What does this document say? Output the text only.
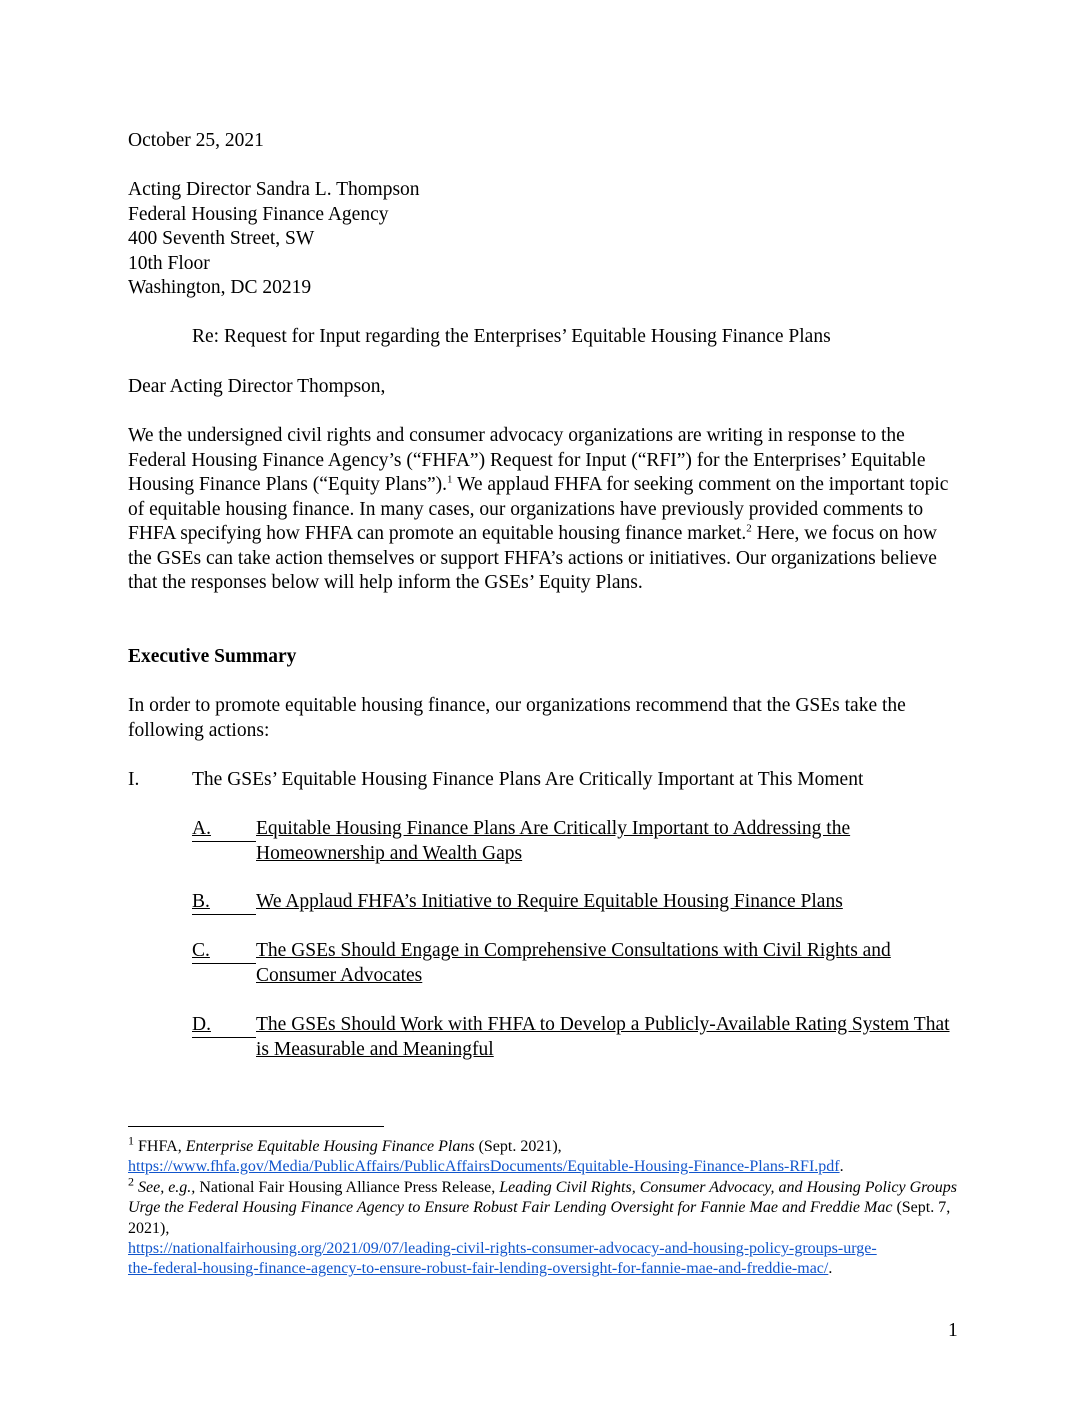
October 25, 2021
Acting Director Sandra L. Thompson
Federal Housing Finance Agency
400 Seventh Street, SW
10th Floor
Washington, DC 20219
Re: Request for Input regarding the Enterprises’ Equitable Housing Finance Plans
Dear Acting Director Thompson,
We the undersigned civil rights and consumer advocacy organizations are writing in response to the Federal Housing Finance Agency’s (“FHFA”) Request for Input (“RFI”) for the Enterprises’ Equitable Housing Finance Plans (“Equity Plans”).$^1$ We applaud FHFA for seeking comment on the important topic of equitable housing finance. In many cases, our organizations have previously provided comments to FHFA specifying how FHFA can promote an equitable housing finance market.$^2$ Here, we focus on how the GSEs can take action themselves or support FHFA’s actions or initiatives. Our organizations believe that the responses below will help inform the GSEs’ Equity Plans.
Executive Summary
In order to promote equitable housing finance, our organizations recommend that the GSEs take the following actions:
I.	The GSEs’ Equitable Housing Finance Plans Are Critically Important at This Moment
A. Equitable Housing Finance Plans Are Critically Important to Addressing the Homeownership and Wealth Gaps
B. We Applaud FHFA’s Initiative to Require Equitable Housing Finance Plans
C. The GSEs Should Engage in Comprehensive Consultations with Civil Rights and Consumer Advocates
D. The GSEs Should Work with FHFA to Develop a Publicly-Available Rating System That is Measurable and Meaningful
$^1$ FHFA, Enterprise Equitable Housing Finance Plans (Sept. 2021),
https://www.fhfa.gov/Media/PublicAffairs/PublicAffairsDocuments/Equitable-Housing-Finance-Plans-RFI.pdf.
$^2$ See, e.g., National Fair Housing Alliance Press Release, Leading Civil Rights, Consumer Advocacy, and Housing Policy Groups Urge the Federal Housing Finance Agency to Ensure Robust Fair Lending Oversight for Fannie Mae and Freddie Mac (Sept. 7, 2021),
https://nationalfairhousing.org/2021/09/07/leading-civil-rights-consumer-advocacy-and-housing-policy-groups-urge-
the-federal-housing-finance-agency-to-ensure-robust-fair-lending-oversight-for-fannie-mae-and-freddie-mac/.
1
